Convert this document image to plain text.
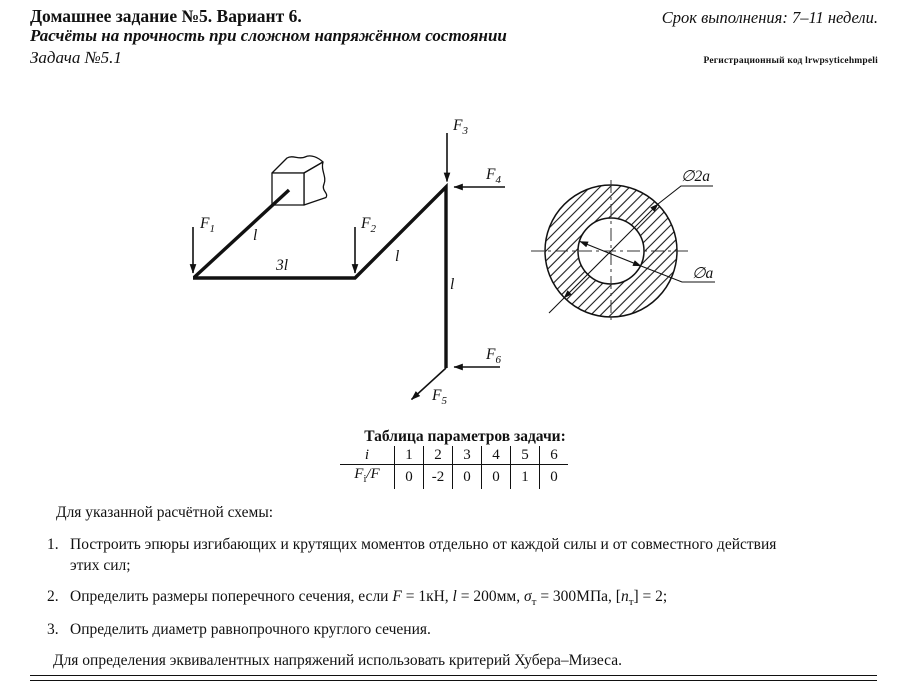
Домашнее задание №5. Вариант 6.	Срок выполнения: 7–11 недели.
Расчёты на прочность при сложном напряжённом состоянии
Задача №5.1	Регистрационный код lrwpsyticehmpeli
$F_1$	$F_2$
$F_3$
$F_4$
$F_5$
$F_6$
l
3l
l
l
∅2a
∅a
Таблица параметров задачи:
i	1	2	3	4	5	6
$F_i/F$	0	-2	0	0	1	0
Для указанной расчётной схемы:
1. Построить эпюры изгибающих и крутящих моментов отдельно от каждой силы и от совместного действия
этих сил;
2. Определить размеры поперечного сечения, если F = 1кН, l = 200мм, $\sigma_т = 300МПа$, $[n_т] = 2$;
3. Определить диаметр равнопрочного круглого сечения.
Для определения эквивалентных напряжений использовать критерий Хубера–Мизеса.
